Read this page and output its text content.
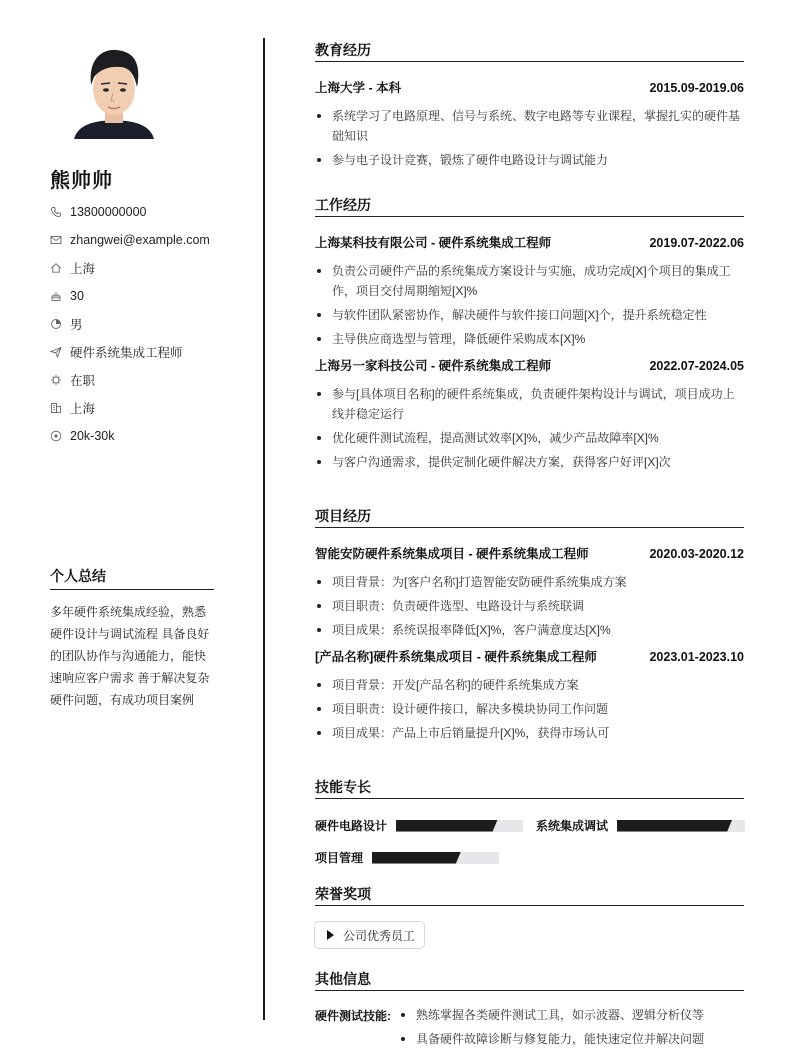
熊帅帅
13800000000
zhangwei@example.com
上海
30
男
硬件系统集成工程师
在职
上海
20k-30k
个人总结
多年硬件系统集成经验，熟悉
硬件设计与调试流程 具备良好
的团队协作与沟通能力，能快
速响应客户需求 善于解决复杂
硬件问题，有成功项目案例
教育经历
上海大学 - 本科	2015.09-2019.06
系统学习了电路原理、信号与系统、数字电路等专业课程，掌握扎实的硬件基础知识
参与电子设计竞赛，锻炼了硬件电路设计与调试能力
工作经历
上海某科技有限公司 - 硬件系统集成工程师	2019.07-2022.06
负责公司硬件产品的系统集成方案设计与实施，成功完成[X]个项目的集成工作，项目交付周期缩短[X]%
与软件团队紧密协作，解决硬件与软件接口问题[X]个，提升系统稳定性
主导供应商选型与管理，降低硬件采购成本[X]%
上海另一家科技公司 - 硬件系统集成工程师	2022.07-2024.05
参与[具体项目名称]的硬件系统集成，负责硬件架构设计与调试，项目成功上线并稳定运行
优化硬件测试流程，提高测试效率[X]%，减少产品故障率[X]%
与客户沟通需求，提供定制化硬件解决方案，获得客户好评[X]次
项目经历
智能安防硬件系统集成项目 - 硬件系统集成工程师	2020.03-2020.12
项目背景：为[客户名称]打造智能安防硬件系统集成方案
项目职责：负责硬件选型、电路设计与系统联调
项目成果：系统误报率降低[X]%，客户满意度达[X]%
[产品名称]硬件系统集成项目 - 硬件系统集成工程师	2023.01-2023.10
项目背景：开发[产品名称]的硬件系统集成方案
项目职责：设计硬件接口，解决多模块协同工作问题
项目成果：产品上市后销量提升[X]%，获得市场认可
技能专长
硬件电路设计	系统集成调试
项目管理
荣誉奖项
公司优秀员工
其他信息
硬件测试技能:	熟练掌握各类硬件测试工具，如示波器、逻辑分析仪等
具备硬件故障诊断与修复能力，能快速定位并解决问题
